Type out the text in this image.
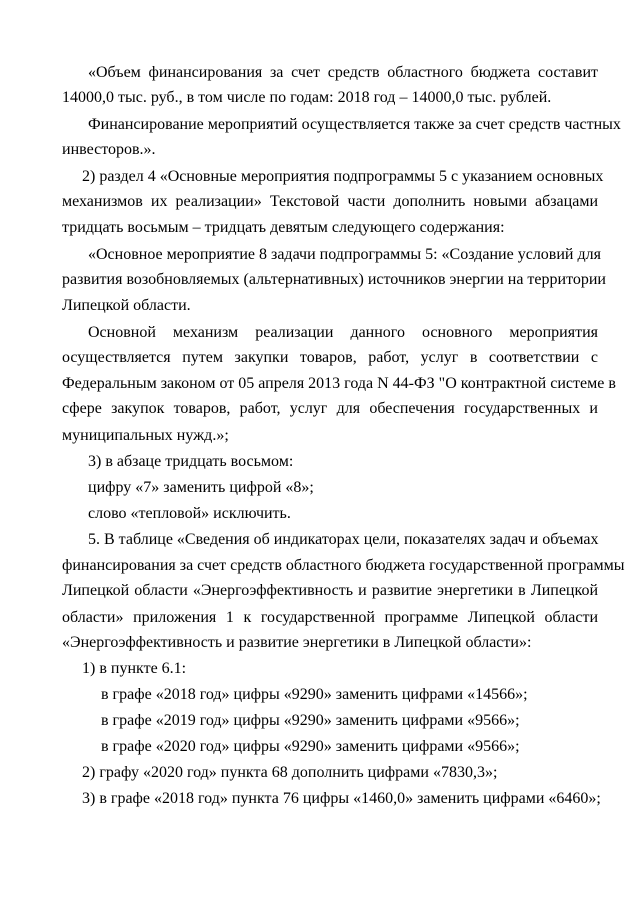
«Объем финансирования за счет средств областного бюджета составит
14000,0 тыс. руб., в том числе по годам: 2018 год – 14000,0 тыс. рублей.
Финансирование мероприятий осуществляется также за счет средств частных
инвесторов.».
2) раздел 4 «Основные мероприятия подпрограммы 5 с указанием основных
механизмов их реализации» Текстовой части дополнить новыми абзацами
тридцать восьмым – тридцать девятым следующего содержания:
«Основное мероприятие 8 задачи подпрограммы 5: «Создание условий для
развития возобновляемых (альтернативных) источников энергии на территории
Липецкой области.
Основной механизм реализации данного основного мероприятия
осуществляется путем закупки товаров, работ, услуг в соответствии с
Федеральным законом от 05 апреля 2013 года N 44-ФЗ "О контрактной системе в
сфере закупок товаров, работ, услуг для обеспечения государственных и
муниципальных нужд.»;
3) в абзаце тридцать восьмом:
цифру «7» заменить цифрой «8»;
слово «тепловой» исключить.
5. В таблице «Сведения об индикаторах цели, показателях задач и объемах
финансирования за счет средств областного бюджета государственной программы
Липецкой области «Энергоэффективность и развитие энергетики в Липецкой
области» приложения 1 к государственной программе Липецкой области
«Энергоэффективность и развитие энергетики в Липецкой области»:
1) в пункте 6.1:
в графе «2018 год» цифры «9290» заменить цифрами «14566»;
в графе «2019 год» цифры «9290» заменить цифрами «9566»;
в графе «2020 год» цифры «9290» заменить цифрами «9566»;
2) графу «2020 год» пункта 68 дополнить цифрами «7830,3»;
3) в графе «2018 год» пункта 76 цифры «1460,0» заменить цифрами «6460»;
